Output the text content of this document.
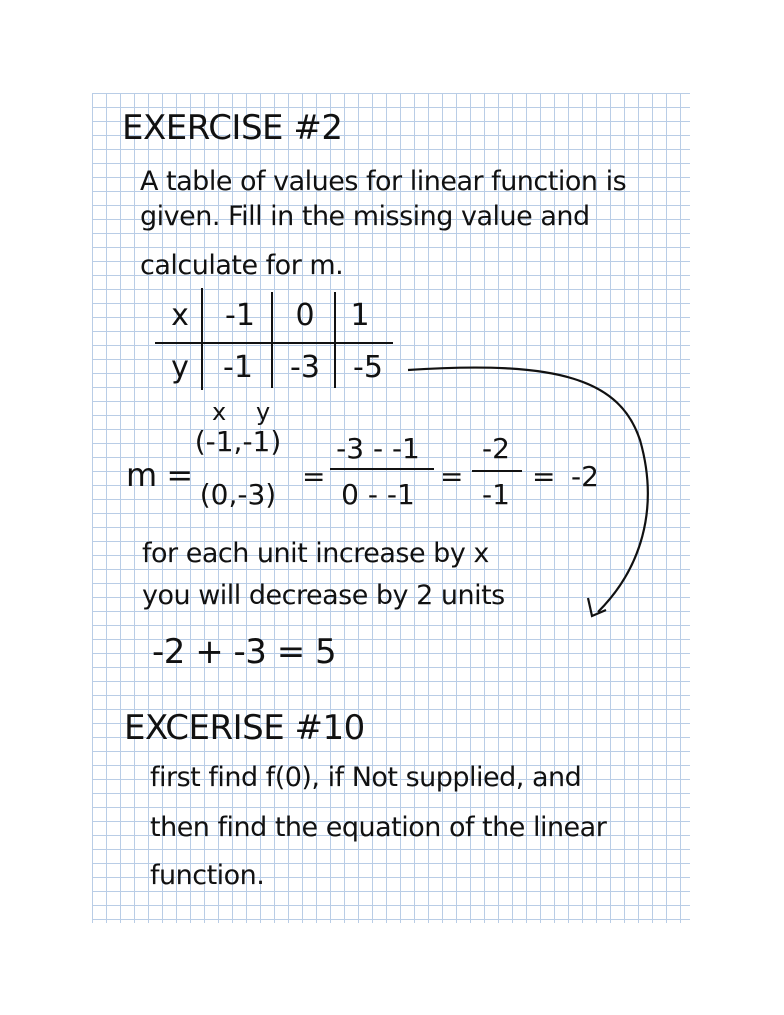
EXERCISE #2
A table of values for linear function is
given. Fill in the missing value and
calculate for m.
x	-1	0	1
y	-1	-3	-5
x y
m =
(-1,-1)
(0,-3)
=
-3 - -1
0 - -1
=
-2
-1
= -2
for each unit increase by x
you will decrease by 2 units
-2 + -3 = 5
EXCERISE #10
first find f(0), if Not supplied, and
then find the equation of the linear
function.
